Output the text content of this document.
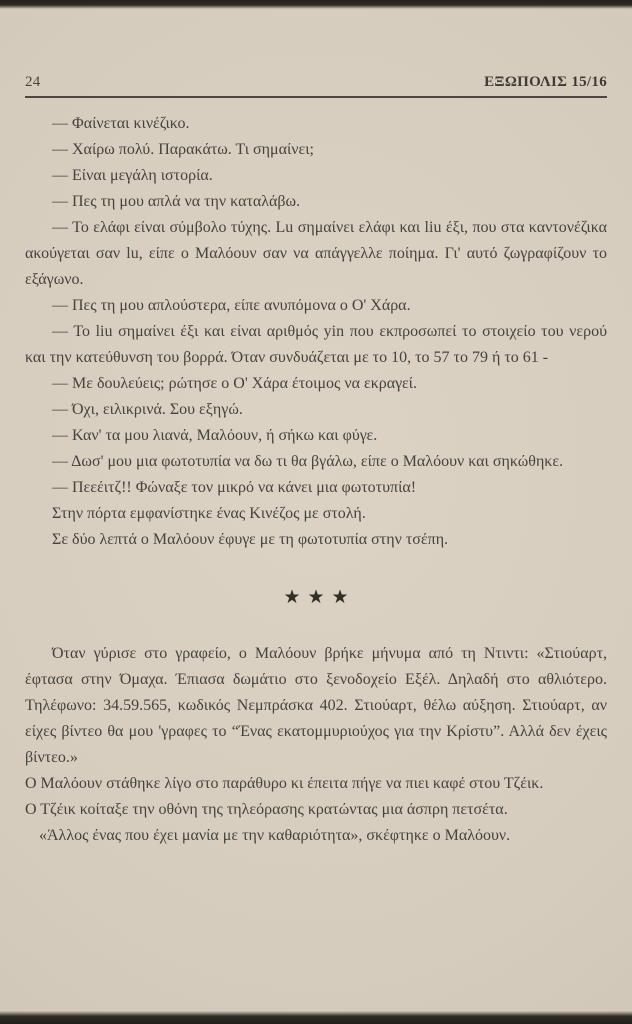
24	ΕΞΩΠΟΛΙΣ 15/16

— Φαίνεται κινέζικο.

— Χαίρω πολύ. Παρακάτω. Τι σημαίνει;

— Είναι μεγάλη ιστορία.

— Πες τη μου απλά να την καταλάβω.

— Το ελάφι είναι σύμβολο τύχης. Lu σημαίνει ελάφι και liu έξι, που στα καντονέζικα ακούγεται σαν lu, είπε ο Μαλόουν σαν να απάγγελλε ποίημα. Γι' αυτό ζωγραφίζουν το εξάγωνο.

— Πες τη μου απλούστερα, είπε ανυπόμονα ο Ο' Χάρα.

— Το liu σημαίνει έξι και είναι αριθμός yin που εκπροσωπεί το στοιχείο του νερού και την κατεύθυνση του βορρά. Όταν συνδυάζεται με το 10, το 57 το 79 ή το 61 -

— Με δουλεύεις; ρώτησε ο Ο' Χάρα έτοιμος να εκραγεί.

— Όχι, ειλικρινά. Σου εξηγώ.

— Καν' τα μου λιανά, Μαλόουν, ή σήκω και φύγε.

— Δωσ' μου μια φωτοτυπία να δω τι θα βγάλω, είπε ο Μαλόουν και σηκώθηκε.

— Πεεέιτζ!! Φώναξε τον μικρό να κάνει μια φωτοτυπία!

Στην πόρτα εμφανίστηκε ένας Κινέζος με στολή.

Σε δύο λεπτά ο Μαλόουν έφυγε με τη φωτοτυπία στην τσέπη.

★★★

Όταν γύρισε στο γραφείο, ο Μαλόουν βρήκε μήνυμα από τη Ντιντι: «Στιούαρτ, έφτασα στην Όμαχα. Έπιασα δωμάτιο στο ξενοδοχείο Εξέλ. Δηλαδή στο αθλιότερο. Τηλέφωνο: 34.59.565, κωδικός Νεμπράσκα 402. Στιούαρτ, θέλω αύξηση. Στιούαρτ, αν είχες βίντεο θα μου 'γραφες το “Ένας εκατομμυριούχος για την Κρίστυ”. Αλλά δεν έχεις βίντεο.»

Ο Μαλόουν στάθηκε λίγο στο παράθυρο κι έπειτα πήγε να πιει καφέ στου Τζέικ.

Ο Τζέικ κοίταξε την οθόνη της τηλεόρασης κρατώντας μια άσπρη πετσέτα.

«Άλλος ένας που έχει μανία με την καθαριότητα», σκέφτηκε ο Μαλόουν.
